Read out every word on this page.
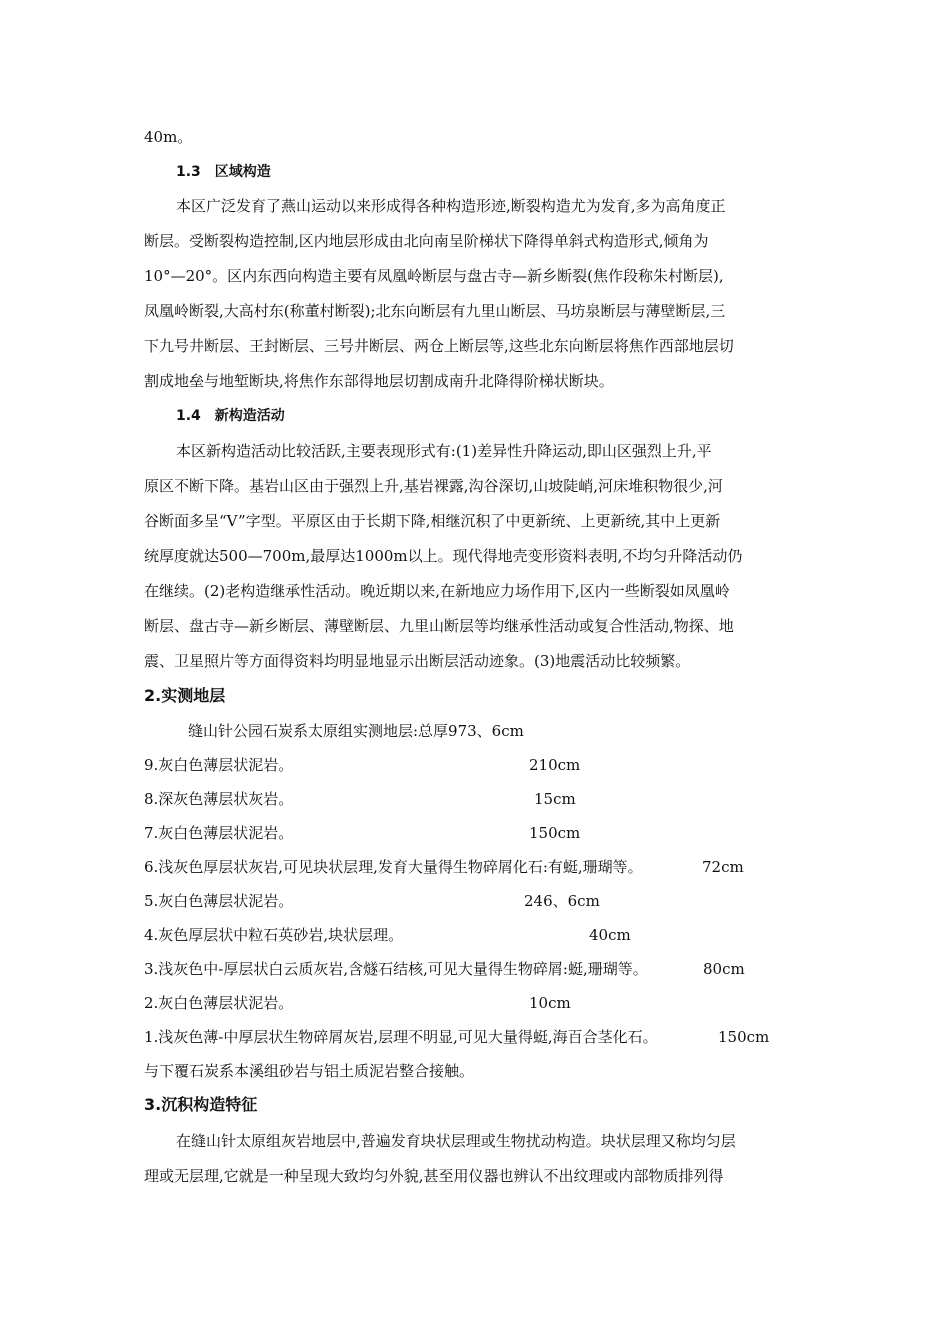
40m。
1.3　区域构造
本区广泛发育了燕山运动以来形成得各种构造形迹,断裂构造尤为发育,多为高角度正
断层。受断裂构造控制,区内地层形成由北向南呈阶梯状下降得单斜式构造形式,倾角为
10°—20°。区内东西向构造主要有凤凰岭断层与盘古寺—新乡断裂(焦作段称朱村断层),
凤凰岭断裂,大高村东(称董村断裂);北东向断层有九里山断层、马坊泉断层与薄壁断层,三
下九号井断层、王封断层、三号井断层、两仓上断层等,这些北东向断层将焦作西部地层切
割成地垒与地堑断块,将焦作东部得地层切割成南升北降得阶梯状断块。
1.4　新构造活动
本区新构造活动比较活跃,主要表现形式有:(1)差异性升降运动,即山区强烈上升,平
原区不断下降。基岩山区由于强烈上升,基岩裸露,沟谷深切,山坡陡峭,河床堆积物很少,河
谷断面多呈“V”字型。平原区由于长期下降,相继沉积了中更新统、上更新统,其中上更新
统厚度就达500—700m,最厚达1000m以上。现代得地壳变形资料表明,不均匀升降活动仍
在继续。(2)老构造继承性活动。晚近期以来,在新地应力场作用下,区内一些断裂如凤凰岭
断层、盘古寺—新乡断层、薄壁断层、九里山断层等均继承性活动或复合性活动,物探、地
震、卫星照片等方面得资料均明显地显示出断层活动迹象。(3)地震活动比较频繁。
2.实测地层
缝山针公园石炭系太原组实测地层:总厚973、6cm
9.灰白色薄层状泥岩。	210cm
8.深灰色薄层状灰岩。	15cm
7.灰白色薄层状泥岩。	150cm
6.浅灰色厚层状灰岩,可见块状层理,发育大量得生物碎屑化石:有蜓,珊瑚等。	72cm
5.灰白色薄层状泥岩。	246、6cm
4.灰色厚层状中粒石英砂岩,块状层理。	40cm
3.浅灰色中-厚层状白云质灰岩,含燧石结核,可见大量得生物碎屑:蜓,珊瑚等。	80cm
2.灰白色薄层状泥岩。	10cm
1.浅灰色薄-中厚层状生物碎屑灰岩,层理不明显,可见大量得蜓,海百合茎化石。	150cm
与下覆石炭系本溪组砂岩与铝土质泥岩整合接触。
3.沉积构造特征
在缝山针太原组灰岩地层中,普遍发育块状层理或生物扰动构造。块状层理又称均匀层
理或无层理,它就是一种呈现大致均匀外貌,甚至用仪器也辨认不出纹理或内部物质排列得
